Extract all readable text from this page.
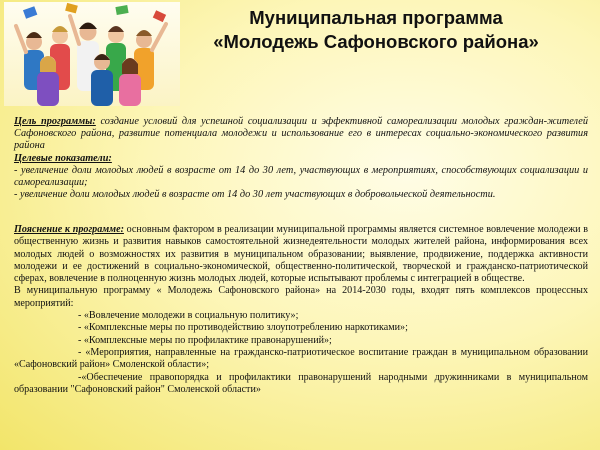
Муниципальная программа
«Молодежь Сафоновского района»

Цель программы: создание условий для успешной социализации и эффективной самореализации молодых граждан-жителей Сафоновского района, развитие потенциала молодежи и использование его в интересах социально-экономического развития района

Целевые показатели:

- увеличение доли молодых людей в возрасте от 14 до 30 лет, участвующих в мероприятиях, способствующих социализации и самореализации;

- увеличение доли молодых людей в возрасте от 14 до 30 лет участвующих в добровольческой деятельности.

Пояснение к программе: основным фактором в реализации муниципальной программы является системное вовлечение молодежи в общественную жизнь и развития навыков самостоятельной жизнедеятельности молодых жителей района, информирования всех молодых людей о возможностях их развития в муниципальном образовании; выявление, продвижение, поддержка активности молодежи и ее достижений в социально-экономической, общественно-политической, творческой и гражданско-патриотической сферах, вовлечение в полноценную жизнь молодых людей, которые испытывают проблемы с интеграцией в обществе.

В муниципальную программу « Молодежь Сафоновского района» на 2014-2030 годы, входят пять комплексов процессных мероприятий:

- «Вовлечение молодежи в социальную политику»;

- «Комплексные меры по противодействию злоупотреблению наркотиками»;

- «Комплексные меры по профилактике правонарушений»;

- «Мероприятия, направленные на гражданско-патриотическое воспитание граждан в муниципальном образовании «Сафоновский район» Смоленской области»;

-«Обеспечение правопорядка и профилактики правонарушений народными дружинниками в муниципальном образовании "Сафоновский район" Смоленской области»
